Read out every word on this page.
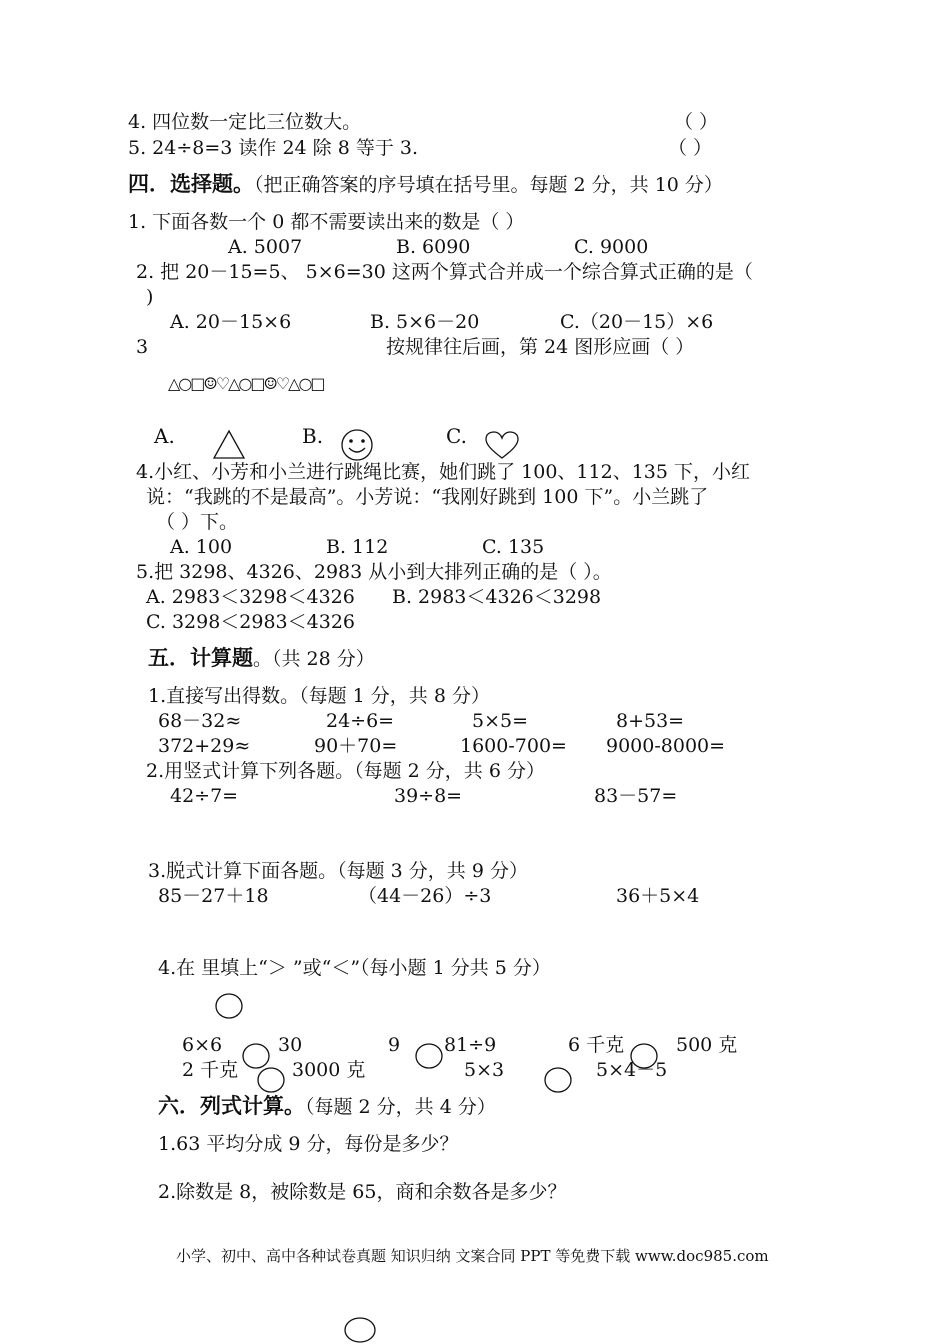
4. 四位数一定比三位数大。	（ ）
5. 24÷8=3 读作 24 除 8 等于 3.	（ ）
四．选择题。（把正确答案的序号填在括号里。每题 2 分，共 10 分）
1. 下面各数一个 0 都不需要读出来的数是（ ）
A. 5007	B. 6090	C. 9000
2. 把 20－15=5、 5×6=30 这两个算式合并成一个综合算式正确的是（
)
A. 20－15×6	B. 5×6－20	C.（20－15）×6
3	按规律往后画，第 24 图形应画（ ）
△○□☺♡△○□☺♡△○□
A.	B.	C.
4.小红、小芳和小兰进行跳绳比赛，她们跳了 100、112、135 下，小红
说：“我跳的不是最高”。小芳说：“我刚好跳到 100 下”。小兰跳了
（ ）下。
A. 100	B. 112	C. 135
5.把 3298、4326、2983 从小到大排列正确的是（ ）。
A. 2983＜3298＜4326 B. 2983＜4326＜3298
C. 3298＜2983＜4326
五．计算题。（共 28 分）
1.直接写出得数。（每题 1 分，共 8 分）
68－32≈	24÷6=	5×5=	8+53=
372+29≈	90＋70=	1600-700= 9000-8000=
2.用竖式计算下列各题。（每题 2 分，共 6 分）
42÷7=	39÷8=	83－57=
3.脱式计算下面各题。（每题 3 分，共 9 分）
85－27＋18	（44－26）÷3	36＋5×4
4.在 里填上“＞ ”或“＜”（每小题 1 分共 5 分）
6×6	30	9 81÷9	6 千克	500 克
2 千克	3000 克	5×3	5×4－5
六．列式计算。（每题 2 分，共 4 分）
1.63 平均分成 9 分，每份是多少？
2.除数是 8，被除数是 65，商和余数各是多少？
小学、初中、高中各种试卷真题 知识归纳 文案合同 PPT 等免费下载 www.doc985.com
